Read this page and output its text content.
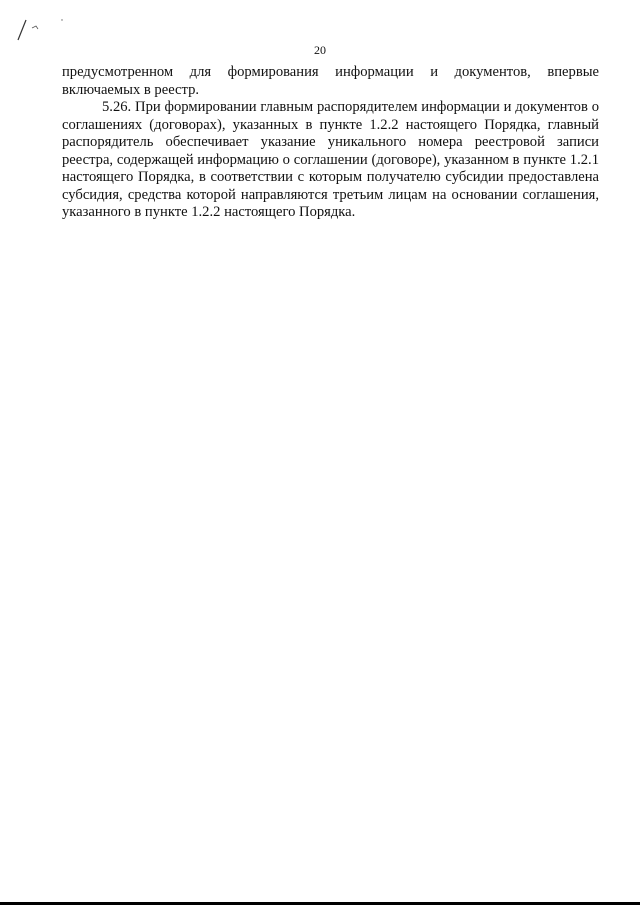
20

предусмотренном для формирования информации и документов, впервые включаемых в реестр.

5.26. При формировании главным распорядителем информации и документов о соглашениях (договорах), указанных в пункте 1.2.2 настоящего Порядка, главный распорядитель обеспечивает указание уникального номера реестровой записи реестра, содержащей информацию о соглашении (договоре), указанном в пункте 1.2.1 настоящего Порядка, в соответствии с которым получателю субсидии предоставлена субсидия, средства которой направляются третьим лицам на основании соглашения, указанного в пункте 1.2.2 настоящего Порядка.
